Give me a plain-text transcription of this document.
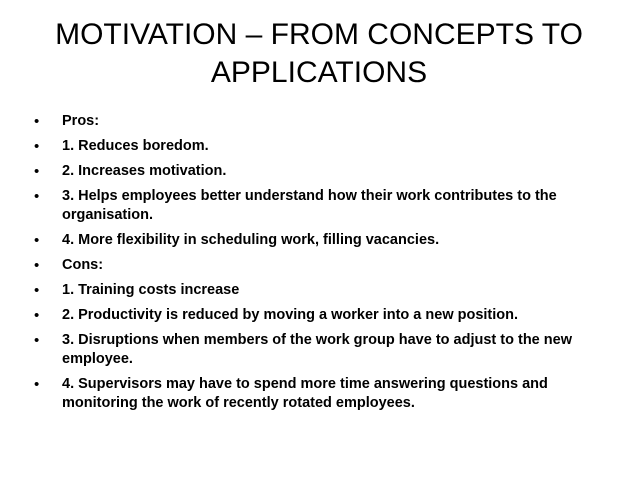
MOTIVATION – FROM CONCEPTS TO
APPLICATIONS
• Pros:
• 1. Reduces boredom.
• 2. Increases motivation.
• 3. Helps employees better understand how their work contributes to the organisation.
• 4. More flexibility in scheduling work, filling vacancies.
• Cons:
• 1. Training costs increase
• 2. Productivity is reduced by moving a worker into a new position.
• 3. Disruptions when members of the work group have to adjust to the new employee.
• 4. Supervisors may have to spend more time answering questions and monitoring the work of recently rotated employees.
